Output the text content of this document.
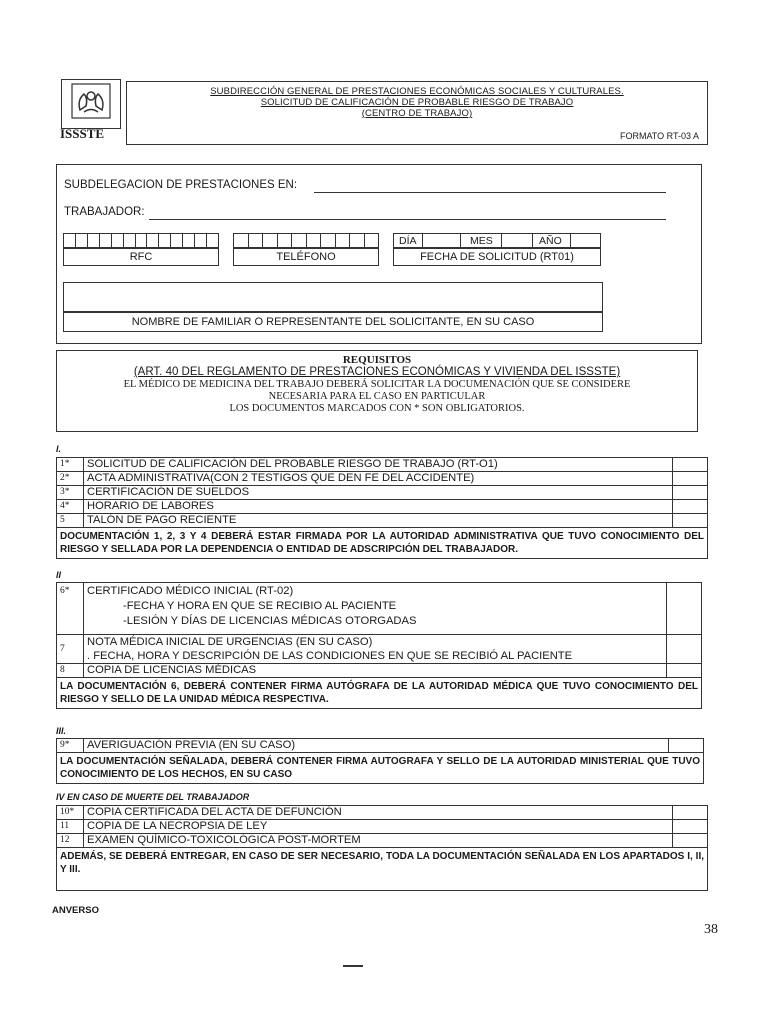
ISSSTE
SUBDIRECCIÓN GENERAL DE PRESTACIONES ECONÓMICAS SOCIALES Y CULTURALES.
SOLICITUD DE CALIFICACIÓN DE PROBABLE RIESGO DE TRABAJO
(CENTRO DE TRABAJO)
FORMATO RT-03 A
SUBDELEGACION DE PRESTACIONES EN:
TRABAJADOR:
RFC	TELÉFONO
DÍA	MES	AÑO
FECHA DE SOLICITUD (RT01)
NOMBRE DE FAMILIAR O REPRESENTANTE DEL SOLICITANTE, EN SU CASO
REQUISITOS
(ART. 40 DEL REGLAMENTO DE PRESTACIONES ECONÓMICAS Y VIVIENDA DEL ISSSTE)
EL MÉDICO DE MEDICINA DEL TRABAJO DEBERÁ SOLICITAR LA DOCUMENACIÓN QUE SE CONSIDERE
NECESARIA PARA EL CASO EN PARTICULAR
LOS DOCUMENTOS MARCADOS CON * SON OBLIGATORIOS.
I.
1*	SOLICITUD DE CALIFICACIÓN DEL PROBABLE RIESGO DE TRABAJO (RT-O1)	
2*	ACTA ADMINISTRATIVA(CON 2 TESTIGOS QUE DEN FE DEL ACCIDENTE)	
3*	CERTIFICACIÓN DE SUELDOS	
4*	HORARIO DE LABORES	
5	TALÓN DE PAGO RECIENTE	
DOCUMENTACIÓN 1, 2, 3 Y 4 DEBERÁ ESTAR FIRMADA POR LA AUTORIDAD ADMINISTRATIVA QUE TUVO CONOCIMIENTO DEL RIESGO Y SELLADA POR LA DEPENDENCIA O ENTIDAD DE ADSCRIPCIÓN DEL TRABAJADOR.		
II
6*	CERTIFICADO MÉDICO INICIAL (RT-02)
-FECHA Y HORA EN QUE SE RECIBIO AL PACIENTE
-LESIÓN Y DÍAS DE LICENCIAS MÉDICAS OTORGADAS	

7	NOTA MÉDICA INICIAL DE URGENCIAS (EN SU CASO)
. FECHA, HORA Y DESCRIPCIÓN DE LAS CONDICIONES EN QUE SE RECIBIÓ AL PACIENTE	

8	COPIA DE LICENCIAS MÉDICAS	
LA DOCUMENTACIÓN 6, DEBERÁ CONTENER FIRMA AUTÓGRAFA DE LA AUTORIDAD MÉDICA QUE TUVO CONOCIMIENTO DEL RIESGO Y SELLO DE LA UNIDAD MÉDICA RESPECTIVA.		
III.
9*	AVERIGUACIÓN PREVIA (EN SU CASO)	
LA DOCUMENTACIÓN SEÑALADA, DEBERÁ CONTENER FIRMA AUTOGRAFA Y SELLO DE LA AUTORIDAD MINISTERIAL QUE TUVO CONOCIMIENTO DE LOS HECHOS, EN SU CASO
IV EN CASO DE MUERTE DEL TRABAJADOR
10*	COPIA CERTIFICADA DEL ACTA DE DEFUNCIÓN	
11	COPIA DE LA NECROPSIA DE LEY	
12	EXAMEN QUÍMICO-TOXICOLÓGICA POST-MORTEM	
ADEMÁS, SE DEBERÁ ENTREGAR, EN CASO DE SER NECESARIO, TODA LA DOCUMENTACIÓN SEÑALADA EN LOS APARTADOS I, II, Y III.		
ANVERSO
38
